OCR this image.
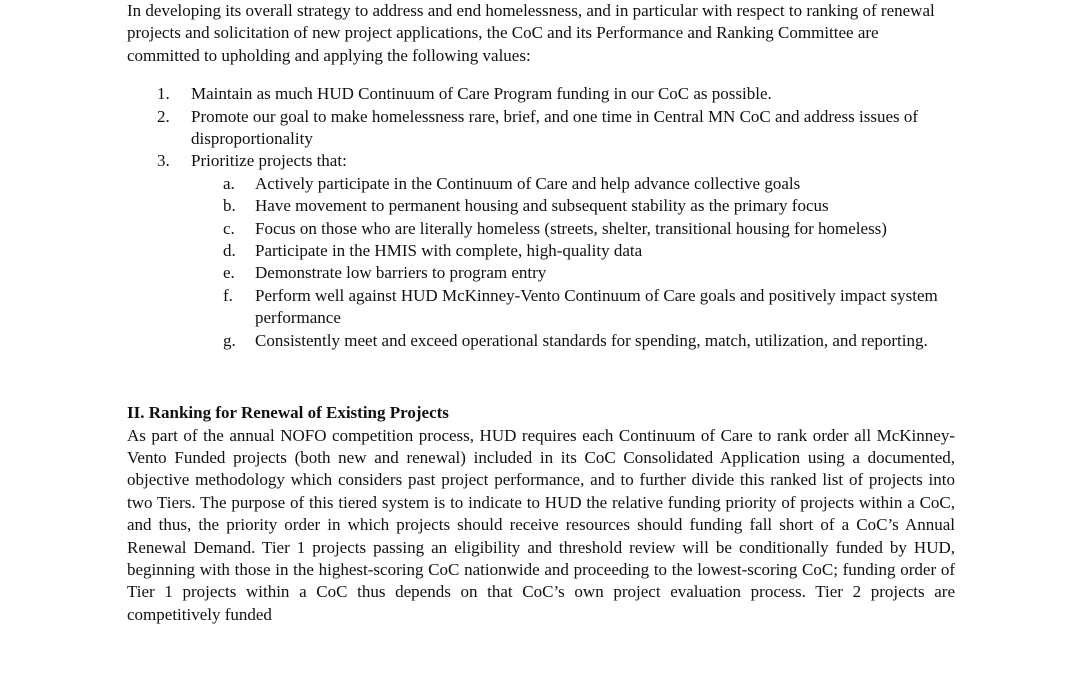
In developing its overall strategy to address and end homelessness, and in particular with respect to ranking of renewal projects and solicitation of new project applications, the CoC and its Performance and Ranking Committee are committed to upholding and applying the following values:

1.	Maintain as much HUD Continuum of Care Program funding in our CoC as possible.
2.	Promote our goal to make homelessness rare, brief, and one time in Central MN CoC and address issues of disproportionality
3.	Prioritize projects that:
a.	Actively participate in the Continuum of Care and help advance collective goals
b.	Have movement to permanent housing and subsequent stability as the primary focus
c.	Focus on those who are literally homeless (streets, shelter, transitional housing for homeless)
d.	Participate in the HMIS with complete, high-quality data
e.	Demonstrate low barriers to program entry
f.	Perform well against HUD McKinney-Vento Continuum of Care goals and positively impact system performance
g.	Consistently meet and exceed operational standards for spending, match, utilization, and reporting.
II. Ranking for Renewal of Existing Projects

As part of the annual NOFO competition process, HUD requires each Continuum of Care to rank order all McKinney-Vento Funded projects (both new and renewal) included in its CoC Consolidated Application using a documented, objective methodology which considers past project performance, and to further divide this ranked list of projects into two Tiers. The purpose of this tiered system is to indicate to HUD the relative funding priority of projects within a CoC, and thus, the priority order in which projects should receive resources should funding fall short of a CoC’s Annual Renewal Demand. Tier 1 projects passing an eligibility and threshold review will be conditionally funded by HUD, beginning with those in the highest-scoring CoC nationwide and proceeding to the lowest-scoring CoC; funding order of Tier 1 projects within a CoC thus depends on that CoC’s own project evaluation process. Tier 2 projects are competitively funded
